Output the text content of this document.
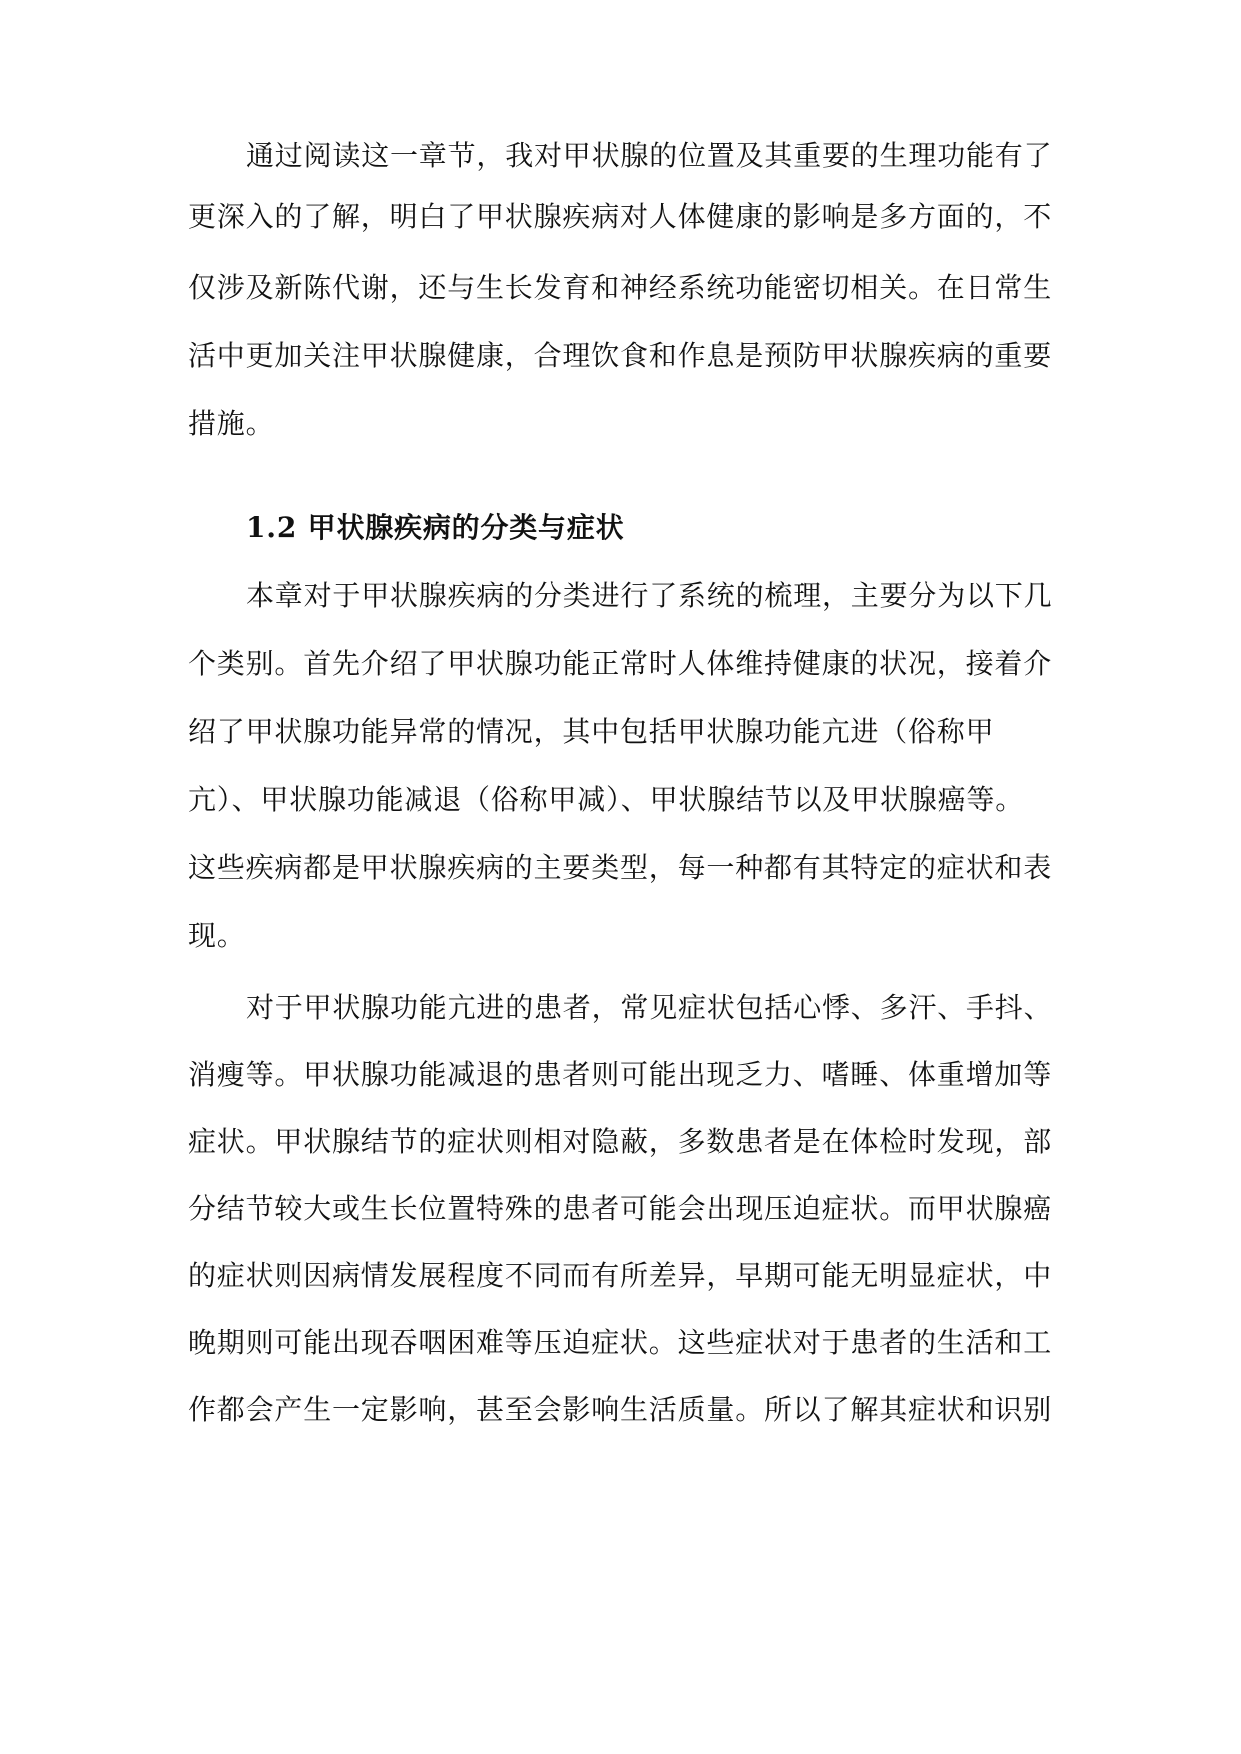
通过阅读这一章节，我对甲状腺的位置及其重要的生理功能有了
更深入的了解，明白了甲状腺疾病对人体健康的影响是多方面的，不
仅涉及新陈代谢，还与生长发育和神经系统功能密切相关。在日常生
活中更加关注甲状腺健康，合理饮食和作息是预防甲状腺疾病的重要
措施。
1.2 甲状腺疾病的分类与症状
本章对于甲状腺疾病的分类进行了系统的梳理，主要分为以下几
个类别。首先介绍了甲状腺功能正常时人体维持健康的状况，接着介
绍了甲状腺功能异常的情况，其中包括甲状腺功能亢进（俗称甲
亢）、甲状腺功能减退（俗称甲减）、甲状腺结节以及甲状腺癌等。
这些疾病都是甲状腺疾病的主要类型，每一种都有其特定的症状和表
现。
对于甲状腺功能亢进的患者，常见症状包括心悸、多汗、手抖、
消瘦等。甲状腺功能减退的患者则可能出现乏力、嗜睡、体重增加等
症状。甲状腺结节的症状则相对隐蔽，多数患者是在体检时发现，部
分结节较大或生长位置特殊的患者可能会出现压迫症状。而甲状腺癌
的症状则因病情发展程度不同而有所差异，早期可能无明显症状，中
晚期则可能出现吞咽困难等压迫症状。这些症状对于患者的生活和工
作都会产生一定影响，甚至会影响生活质量。所以了解其症状和识别
